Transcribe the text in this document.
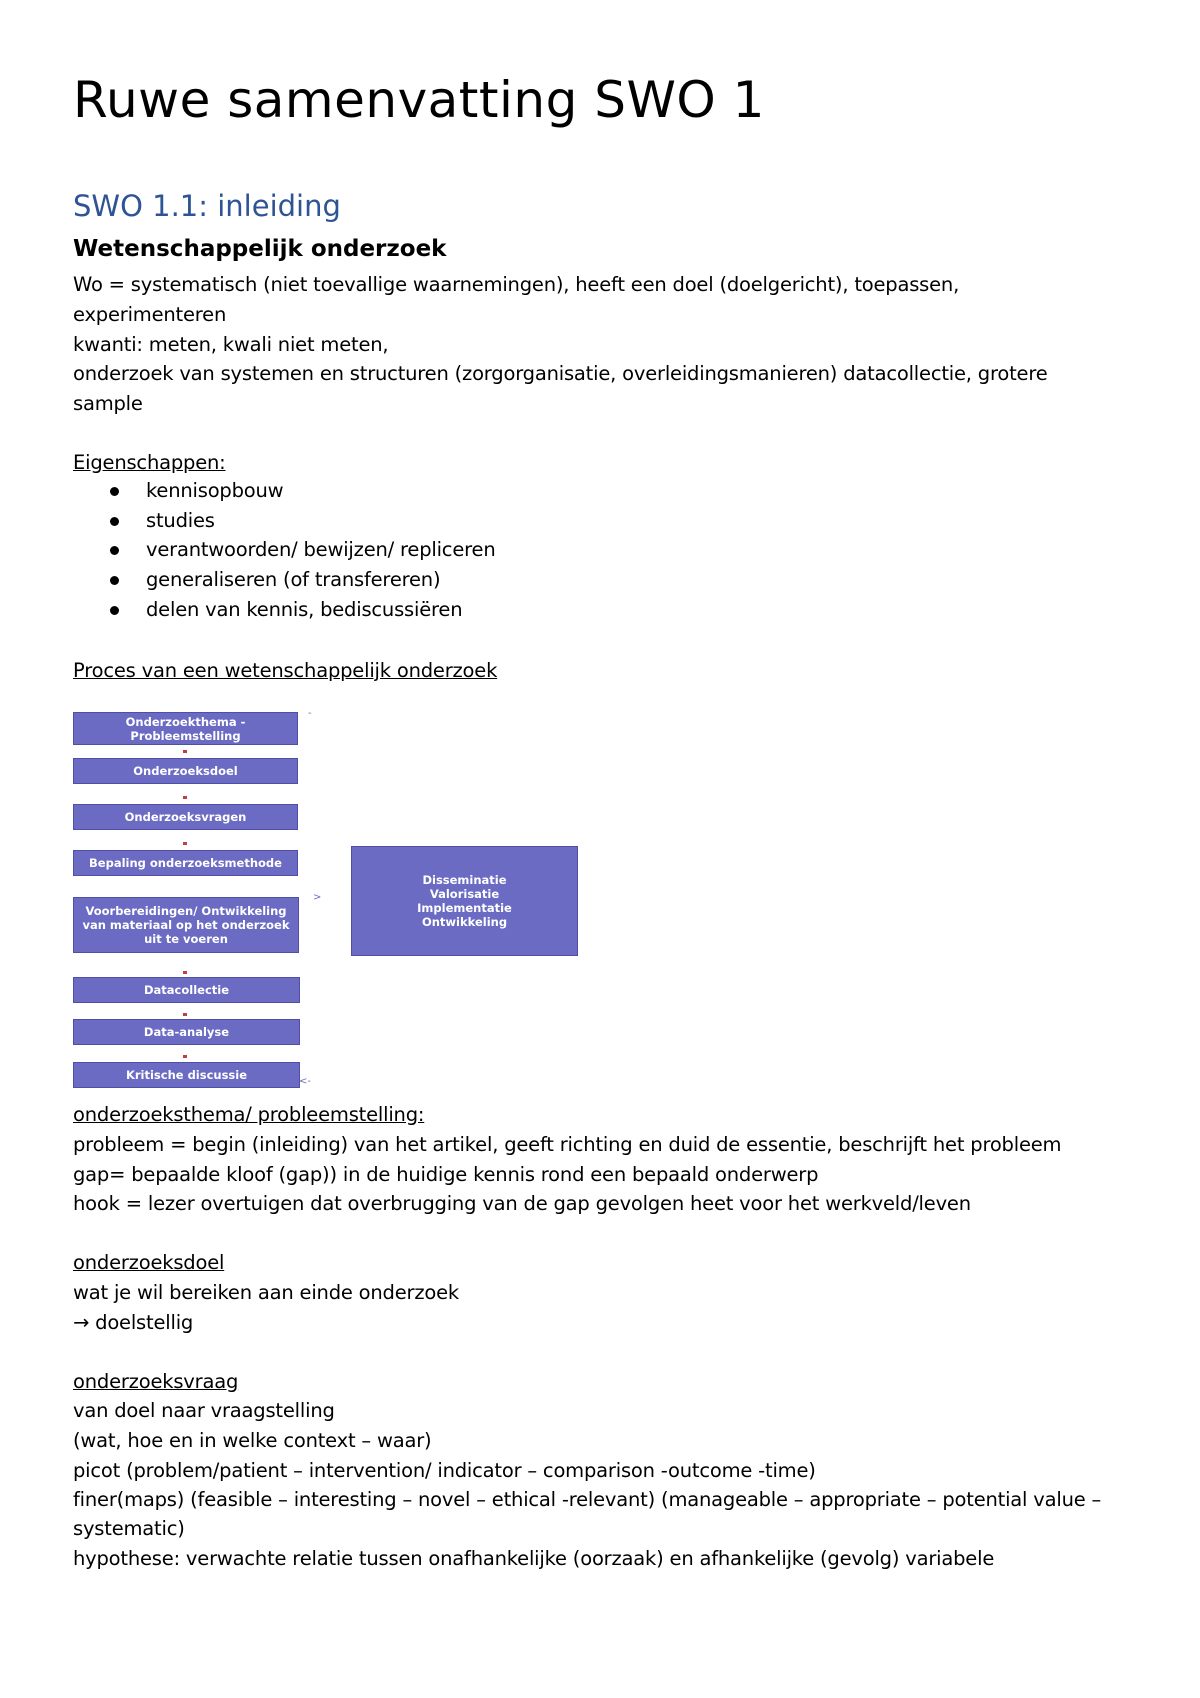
Ruwe samenvatting SWO 1
SWO 1.1: inleiding
Wetenschappelijk onderzoek
Wo = systematisch (niet toevallige waarnemingen), heeft een doel (doelgericht), toepassen,
experimenteren
kwanti: meten, kwali niet meten,
onderzoek van systemen en structuren (zorgorganisatie, overleidingsmanieren) datacollectie, grotere
sample
Eigenschappen:
kennisopbouw
studies
verantwoorden/ bewijzen/ repliceren
generaliseren (of transfereren)
delen van kennis, bediscussiëren
Proces van een wetenschappelijk onderzoek
Onderzoekthema - Probleemstelling
Onderzoeksdoel
Onderzoeksvragen
Bepaling onderzoeksmethode
Voorbereidingen/ Ontwikkeling van materiaal op het onderzoek uit te voeren
Datacollectie
Data-analyse
Kritische discussie
Disseminatie
Valorisatie
Implementatie
Ontwikkeling
‐
>
<-
onderzoeksthema/ probleemstelling:
probleem = begin (inleiding) van het artikel, geeft richting en duid de essentie, beschrijft het probleem
gap= bepaalde kloof (gap)) in de huidige kennis rond een bepaald onderwerp
hook = lezer overtuigen dat overbrugging van de gap gevolgen heet voor het werkveld/leven
onderzoeksdoel
wat je wil bereiken aan einde onderzoek
→ doelstellig
onderzoeksvraag
van doel naar vraagstelling
(wat, hoe en in welke context – waar)
picot (problem/patient – intervention/ indicator – comparison -outcome -time)
finer(maps) (feasible – interesting – novel – ethical -relevant) (manageable – appropriate – potential value –
systematic)
hypothese: verwachte relatie tussen onafhankelijke (oorzaak) en afhankelijke (gevolg) variabele
